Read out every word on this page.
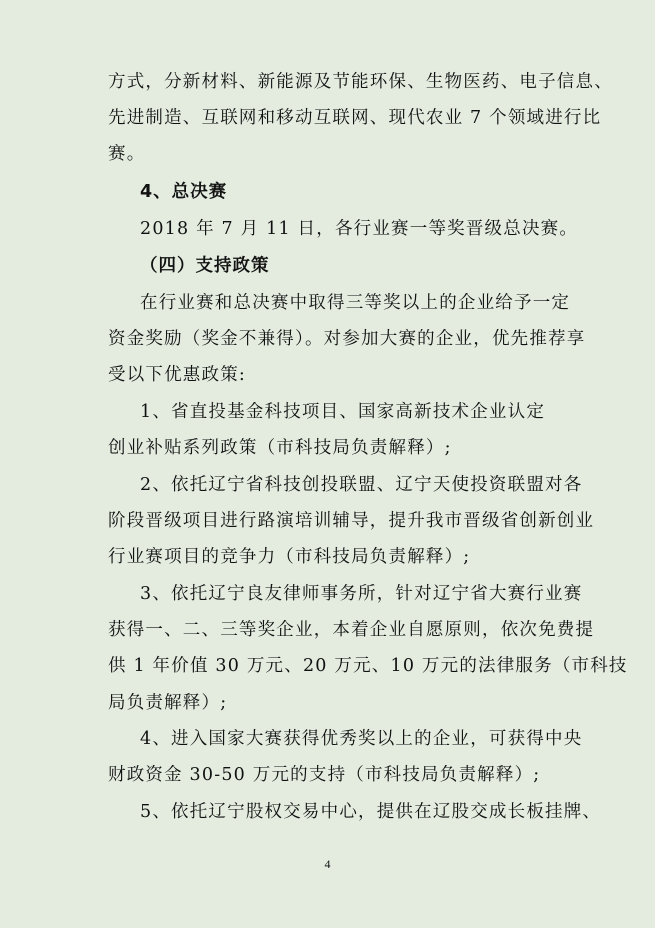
方式，分新材料、新能源及节能环保、生物医药、电子信息、
先进制造、互联网和移动互联网、现代农业 7 个领域进行比
赛。
4、总决赛
2018 年 7 月 11 日，各行业赛一等奖晋级总决赛。
（四）支持政策
在行业赛和总决赛中取得三等奖以上的企业给予一定
资金奖励（奖金不兼得）。对参加大赛的企业，优先推荐享
受以下优惠政策:
1、省直投基金科技项目、国家高新技术企业认定
创业补贴系列政策（市科技局负责解释）;
2、依托辽宁省科技创投联盟、辽宁天使投资联盟对各
阶段晋级项目进行路演培训辅导，提升我市晋级省创新创业
行业赛项目的竞争力（市科技局负责解释）;
3、依托辽宁良友律师事务所，针对辽宁省大赛行业赛
获得一、二、三等奖企业，本着企业自愿原则，依次免费提
供 1 年价值 30 万元、20 万元、10 万元的法律服务（市科技
局负责解释）;
4、进入国家大赛获得优秀奖以上的企业，可获得中央
财政资金 30-50 万元的支持（市科技局负责解释）;
5、依托辽宁股权交易中心，提供在辽股交成长板挂牌、
4
